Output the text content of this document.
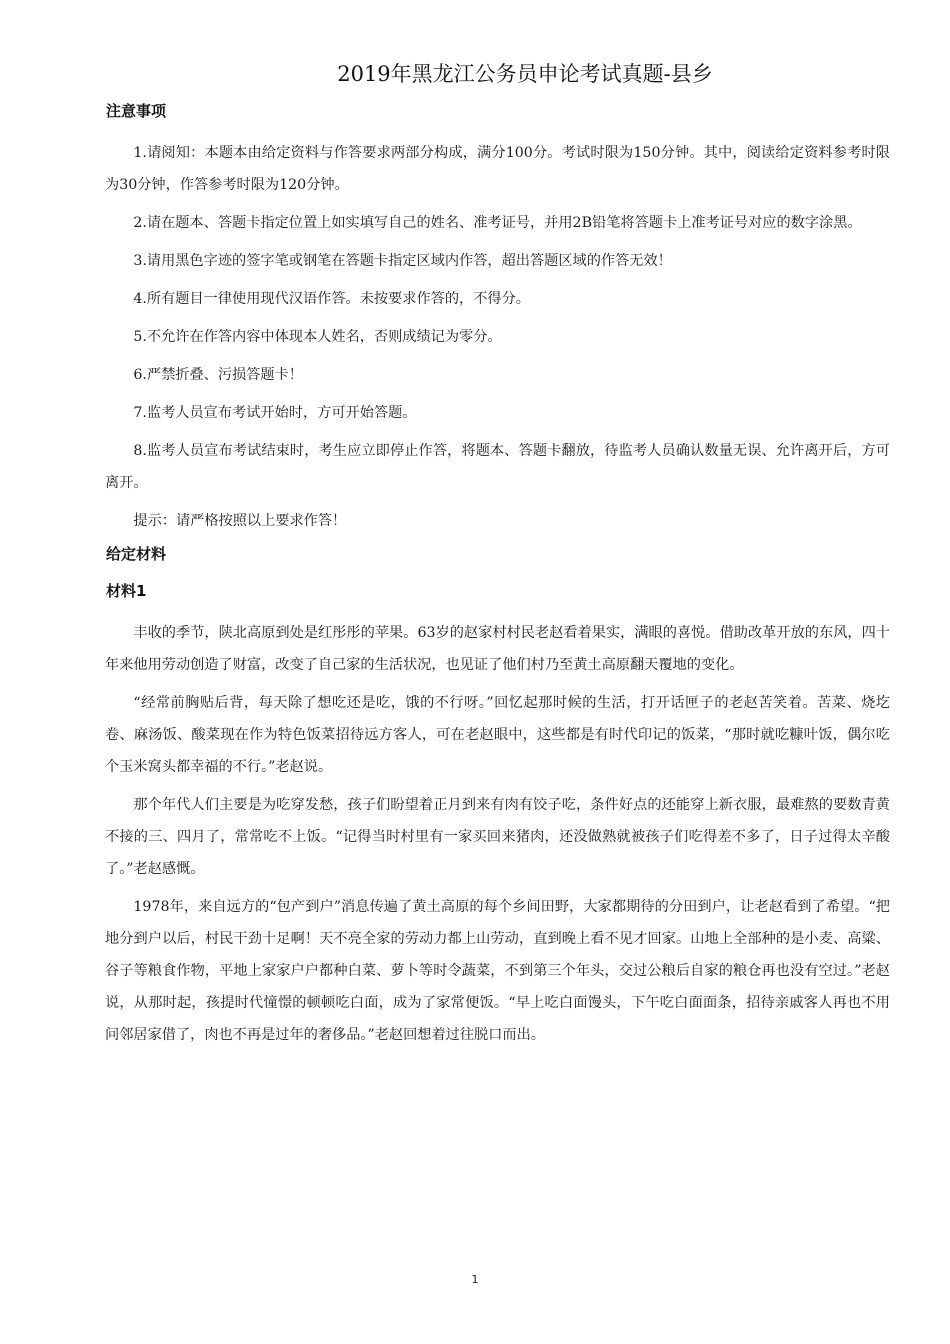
2019年黑龙江公务员申论考试真题-县乡
注意事项

1.请阅知：本题本由给定资料与作答要求两部分构成，满分100分。考试时限为150分钟。其中，阅读给定资料参考时限为30分钟，作答参考时限为120分钟。

2.请在题本、答题卡指定位置上如实填写自己的姓名、准考证号，并用2B铅笔将答题卡上准考证号对应的数字涂黑。

3.请用黑色字迹的签字笔或钢笔在答题卡指定区域内作答，超出答题区域的作答无效！

4.所有题目一律使用现代汉语作答。未按要求作答的，不得分。

5.不允许在作答内容中体现本人姓名，否则成绩记为零分。

6.严禁折叠、污损答题卡！

7.监考人员宣布考试开始时，方可开始答题。

8.监考人员宣布考试结束时，考生应立即停止作答，将题本、答题卡翻放，待监考人员确认数量无误、允许离开后，方可离开。

提示：请严格按照以上要求作答！

给定材料
材料1

丰收的季节，陕北高原到处是红彤彤的苹果。63岁的赵家村村民老赵看着果实，满眼的喜悦。借助改革开放的东风，四十年来他用劳动创造了财富，改变了自己家的生活状况，也见证了他们村乃至黄土高原翻天覆地的变化。

“经常前胸贴后背，每天除了想吃还是吃，饿的不行呀。”回忆起那时候的生活，打开话匣子的老赵苦笑着。苦菜、烧圪卷、麻汤饭、酸菜现在作为特色饭菜招待远方客人，可在老赵眼中，这些都是有时代印记的饭菜，“那时就吃糠叶饭，偶尔吃个玉米窝头都幸福的不行。”老赵说。

那个年代人们主要是为吃穿发愁，孩子们盼望着正月到来有肉有饺子吃，条件好点的还能穿上新衣服，最难熬的要数青黄不接的三、四月了，常常吃不上饭。“记得当时村里有一家买回来猪肉，还没做熟就被孩子们吃得差不多了，日子过得太辛酸了。”老赵感慨。

1978年，来自远方的“包产到户”消息传遍了黄土高原的每个乡间田野，大家都期待的分田到户，让老赵看到了希望。“把地分到户以后，村民干劲十足啊！天不亮全家的劳动力都上山劳动，直到晚上看不见才回家。山地上全部种的是小麦、高粱、谷子等粮食作物，平地上家家户户都种白菜、萝卜等时令蔬菜，不到第三个年头，交过公粮后自家的粮仓再也没有空过。”老赵说，从那时起，孩提时代憧憬的顿顿吃白面，成为了家常便饭。“早上吃白面馒头，下午吃白面面条，招待亲戚客人再也不用问邻居家借了，肉也不再是过年的奢侈品。”老赵回想着过往脱口而出。

1
